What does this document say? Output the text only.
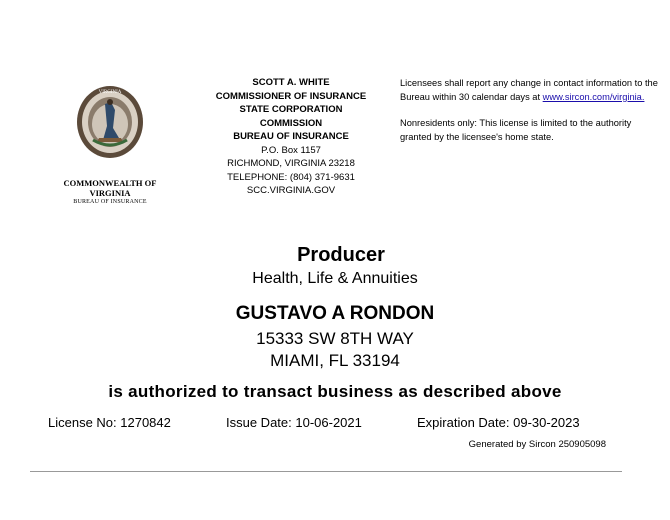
VIRGINIA
COMMONWEALTH OF
VIRGINIA
BUREAU OF INSURANCE
SCOTT A. WHITE
COMMISSIONER OF INSURANCE
STATE CORPORATION
COMMISSION
BUREAU OF INSURANCE
P.O. Box 1157
RICHMOND, VIRGINIA 23218
TELEPHONE: (804) 371-9631
SCC.VIRGINIA.GOV

Licensees shall report any change in contact information to the Bureau within 30 calendar days at www.sircon.com/virginia.

Nonresidents only: This license is limited to the authority granted by the licensee's home state.

Producer
Health, Life & Annuities
GUSTAVO A RONDON
15333 SW 8TH WAY
MIAMI, FL 33194
is authorized to transact business as described above
License No: 1270842	Issue Date: 10-06-2021	Expiration Date: 09-30-2023
Generated by Sircon 250905098
